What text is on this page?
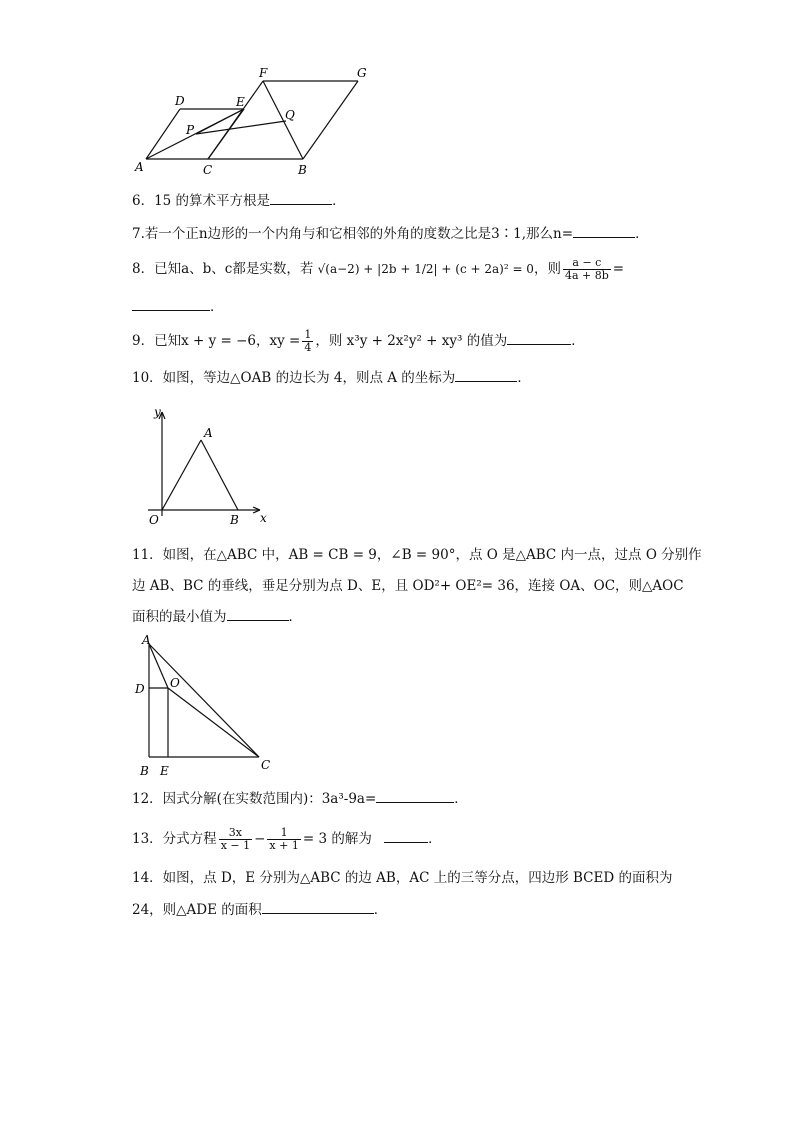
F	G
D	E
P
Q
A	C	B
6．15 的算术平方根是	．
7.若一个正n边形的一个内角与和它相邻的外角的度数之比是3∶1,那么n=	．
8．已知a、b、c都是实数，若 √(a−2) + |2b + 1/2| + (c + 2a)² = 0，则 $\frac{a - c}{4a + 8b}$ =
．
9．已知x + y = −6，xy = $\frac{1}{4}$ ，则 x³y + 2x²y² + xy³ 的值为	．
10．如图，等边△OAB 的边长为 4，则点 A 的坐标为	．
y
A
O	B x
11．如图，在△ABC 中，AB = CB = 9，∠B = 90°，点 O 是△ABC 内一点，过点 O 分别作
边 AB、BC 的垂线，垂足分别为点 D、E，且 OD²+ OE²= 36，连接 OA、OC，则△AOC
面积的最小值为	．
A
D O
B E	C
12．因式分解(在实数范围内)：3a³-9a=	．
13．分式方程 $\frac{3x}{x - 1} - \frac{1}{x + 1} = 3$ 的解为	．
14．如图，点 D，E 分别为△ABC 的边 AB，AC 上的三等分点，四边形 BCED 的面积为
24，则△ADE 的面积	．
